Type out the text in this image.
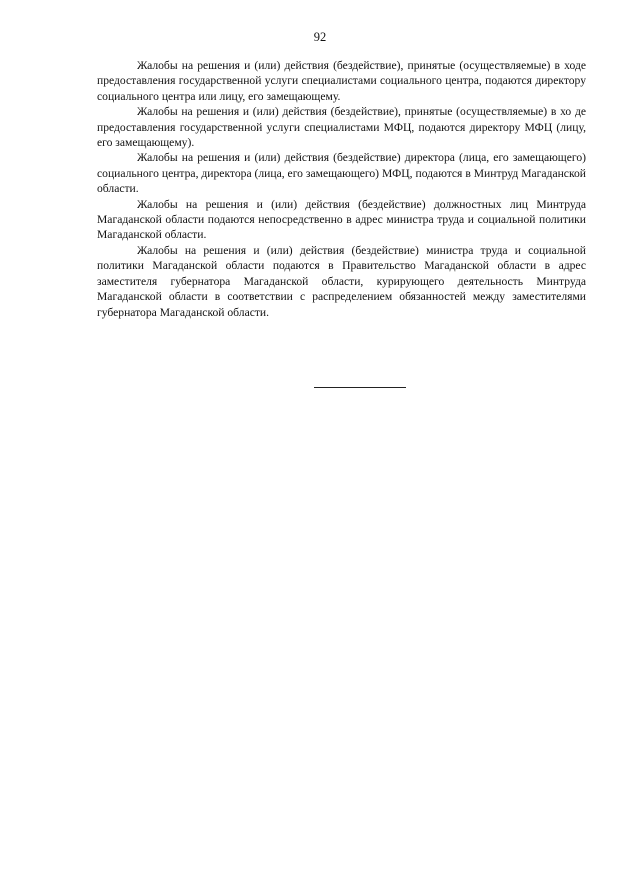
92

Жалобы на решения и (или) действия (бездействие), принятые (осуществляемые) в ходе предоставления государственной услуги специалистами социального центра, подаются директору социального центра или лицу, его замещающему.

Жалобы на решения и (или) действия (бездействие), принятые (осуществляемые) в хо де предоставления государственной услуги специалистами МФЦ, подаются директору МФЦ (лицу, его замещающему).

Жалобы на решения и (или) действия (бездействие) директора (лица, его замещающего) социального центра, директора (лица, его замещающего) МФЦ, подаются в Минтруд Магаданской области.

Жалобы на решения и (или) действия (бездействие) должностных лиц Минтруда Магаданской области подаются непосредственно в адрес министра труда и социальной политики Магаданской области.

Жалобы на решения и (или) действия (бездействие) министра труда и социальной политики Магаданской области подаются в Правительство Магаданской области в адрес заместителя губернатора Магаданской области, курирующего деятельность Минтруда Магаданской области в соответствии с распределением обязанностей между заместителями губернатора Магаданской области.
